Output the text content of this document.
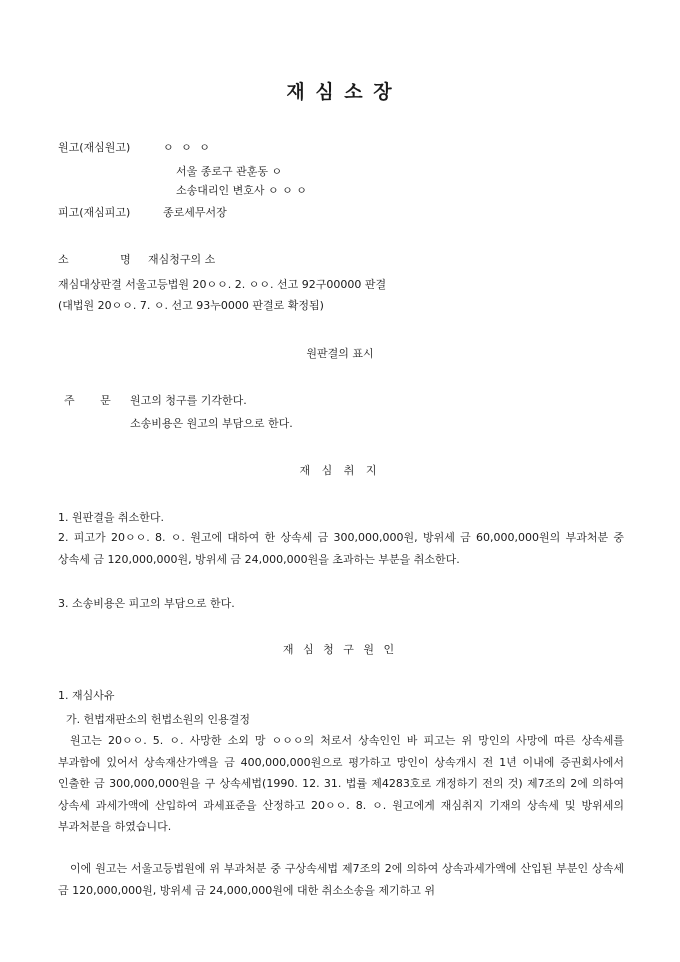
재 심 소 장
원고(재심원고)	ㅇ ㅇ ㅇ
서울 종로구 관훈동 ㅇ
소송대리인 변호사 ㅇ ㅇ ㅇ
피고(재심피고)	종로세무서장
소 명 재심청구의 소
재심대상판결 서울고등법원 20ㅇㅇ. 2. ㅇㅇ. 선고 92구00000 판결
(대법원 20ㅇㅇ. 7. ㅇ. 선고 93누0000 판결로 확정됨)
원판결의 표시
주 문 원고의 청구를 기각한다.
소송비용은 원고의 부담으로 한다.
재 심 취 지
1. 원판결을 취소한다.
2. 피고가 20ㅇㅇ. 8. ㅇ. 원고에 대하여 한 상속세 금 300,000,000원, 방위세 금 60,000,000원의 부과처분 중 상속세 금 120,000,000원, 방위세 금 24,000,000원을 초과하는 부분을 취소한다.
3. 소송비용은 피고의 부담으로 한다.
재 심 청 구 원 인
1. 재심사유
가. 헌법재판소의 헌법소원의 인용결정
원고는 20ㅇㅇ. 5. ㅇ. 사망한 소외 망 ㅇㅇㅇ의 처로서 상속인인 바 피고는 위 망인의 사망에 따른 상속세를 부과함에 있어서 상속재산가액을 금 400,000,000원으로 평가하고 망인이 상속개시 전 1년 이내에 증권회사에서 인출한 금 300,000,000원을 구 상속세법(1990. 12. 31. 법률 제4283호로 개정하기 전의 것) 제7조의 2에 의하여 상속세 과세가액에 산입하여 과세표준을 산정하고 20ㅇㅇ. 8. ㅇ. 원고에게 재심취지 기재의 상속세 및 방위세의 부과처분을 하였습니다.
이에 원고는 서울고등법원에 위 부과처분 중 구상속세법 제7조의 2에 의하여 상속과세가액에 산입된 부분인 상속세 금 120,000,000원, 방위세 금 24,000,000원에 대한 취소소송을 제기하고 위
